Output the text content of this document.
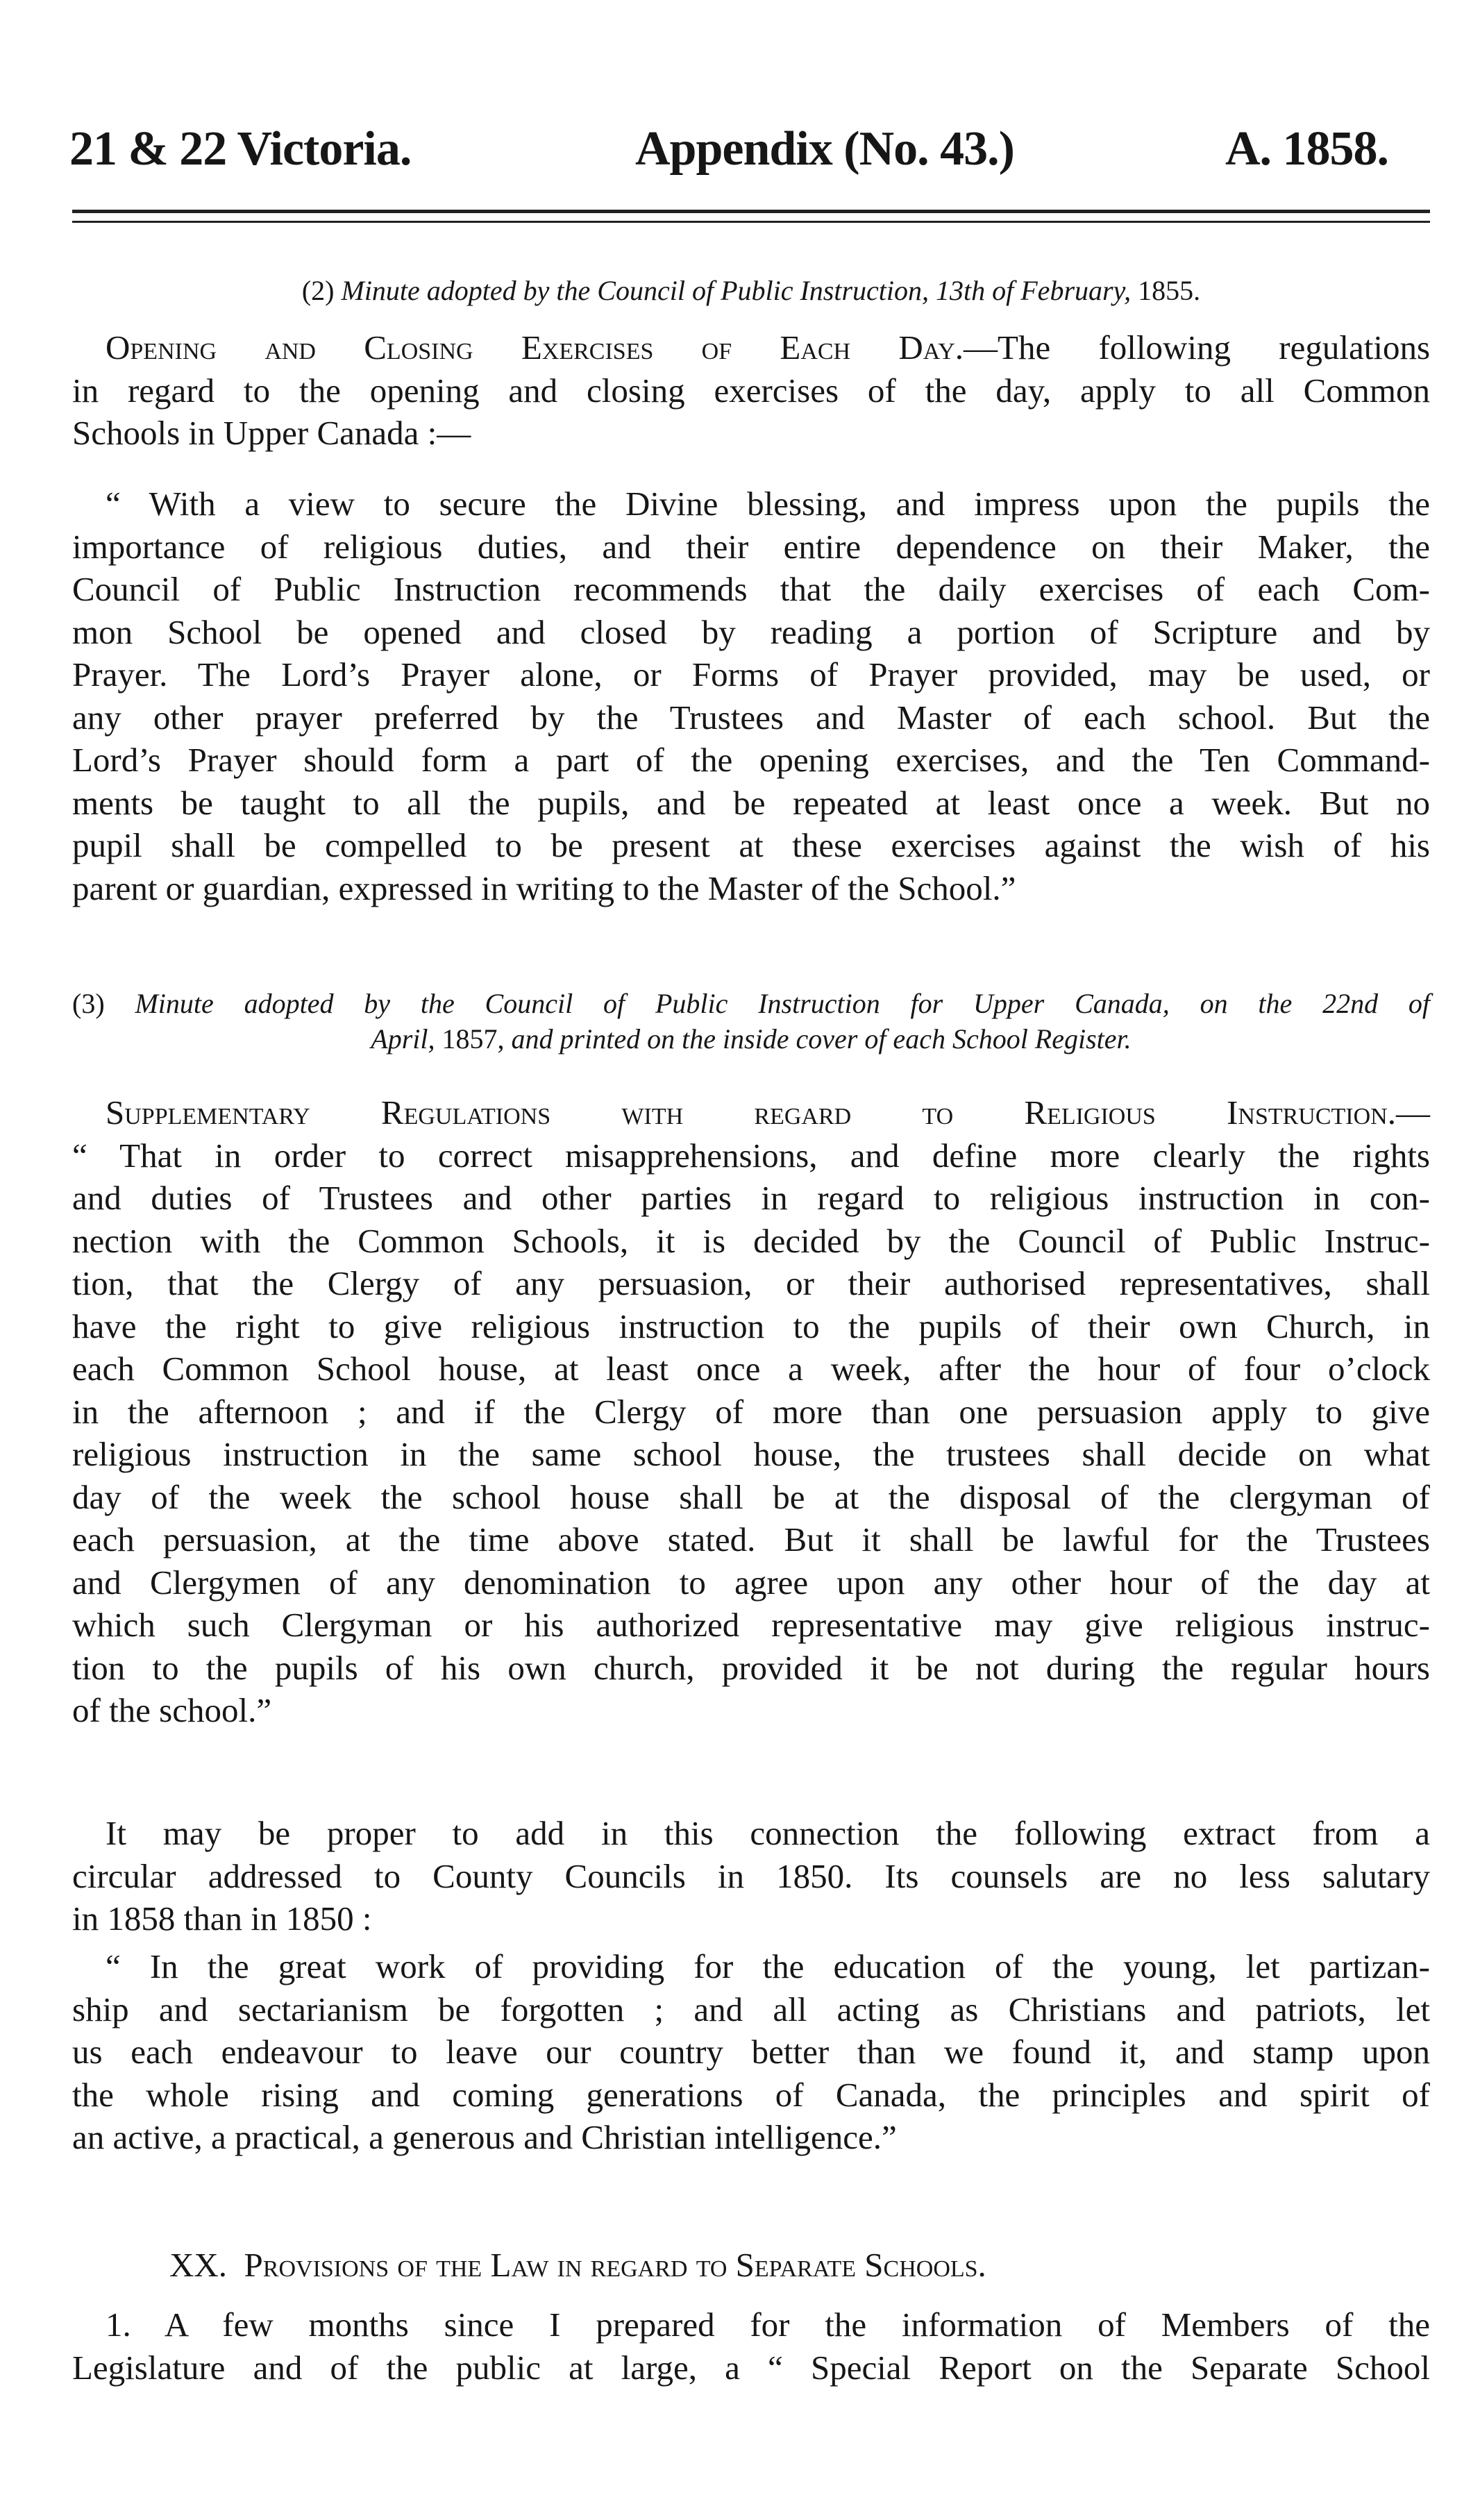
21 & 22 Victoria.	Appendix (No. 43.)	A. 1858.
(2) Minute adopted by the Council of Public Instruction, 13th of February, 1855.
Opening and Closing Exercises of Each Day.—The following regulations
in regard to the opening and closing exercises of the day, apply to all Common
Schools in Upper Canada :—
“ With a view to secure the Divine blessing, and impress upon the pupils the
importance of religious duties, and their entire dependence on their Maker, the
Council of Public Instruction recommends that the daily exercises of each Com-
mon School be opened and closed by reading a portion of Scripture and by
Prayer. The Lord’s Prayer alone, or Forms of Prayer provided, may be used, or
any other prayer preferred by the Trustees and Master of each school. But the
Lord’s Prayer should form a part of the opening exercises, and the Ten Command-
ments be taught to all the pupils, and be repeated at least once a week. But no
pupil shall be compelled to be present at these exercises against the wish of his
parent or guardian, expressed in writing to the Master of the School.”
(3) Minute adopted by the Council of Public Instruction for Upper Canada, on the 22nd of
April, 1857, and printed on the inside cover of each School Register.
Supplementary Regulations with regard to Religious Instruction.—
“ That in order to correct misapprehensions, and define more clearly the rights
and duties of Trustees and other parties in regard to religious instruction in con-
nection with the Common Schools, it is decided by the Council of Public Instruc-
tion, that the Clergy of any persuasion, or their authorised representatives, shall
have the right to give religious instruction to the pupils of their own Church, in
each Common School house, at least once a week, after the hour of four o’clock
in the afternoon ; and if the Clergy of more than one persuasion apply to give
religious instruction in the same school house, the trustees shall decide on what
day of the week the school house shall be at the disposal of the clergyman of
each persuasion, at the time above stated. But it shall be lawful for the Trustees
and Clergymen of any denomination to agree upon any other hour of the day at
which such Clergyman or his authorized representative may give religious instruc-
tion to the pupils of his own church, provided it be not during the regular hours
of the school.”
It may be proper to add in this connection the following extract from a
circular addressed to County Councils in 1850. Its counsels are no less salutary
in 1858 than in 1850 :
“ In the great work of providing for the education of the young, let partizan-
ship and sectarianism be forgotten ; and all acting as Christians and patriots, let
us each endeavour to leave our country better than we found it, and stamp upon
the whole rising and coming generations of Canada, the principles and spirit of
an active, a practical, a generous and Christian intelligence.”
XX. Provisions of the Law in regard to Separate Schools.
1. A few months since I prepared for the information of Members of the
Legislature and of the public at large, a “ Special Report on the Separate School
